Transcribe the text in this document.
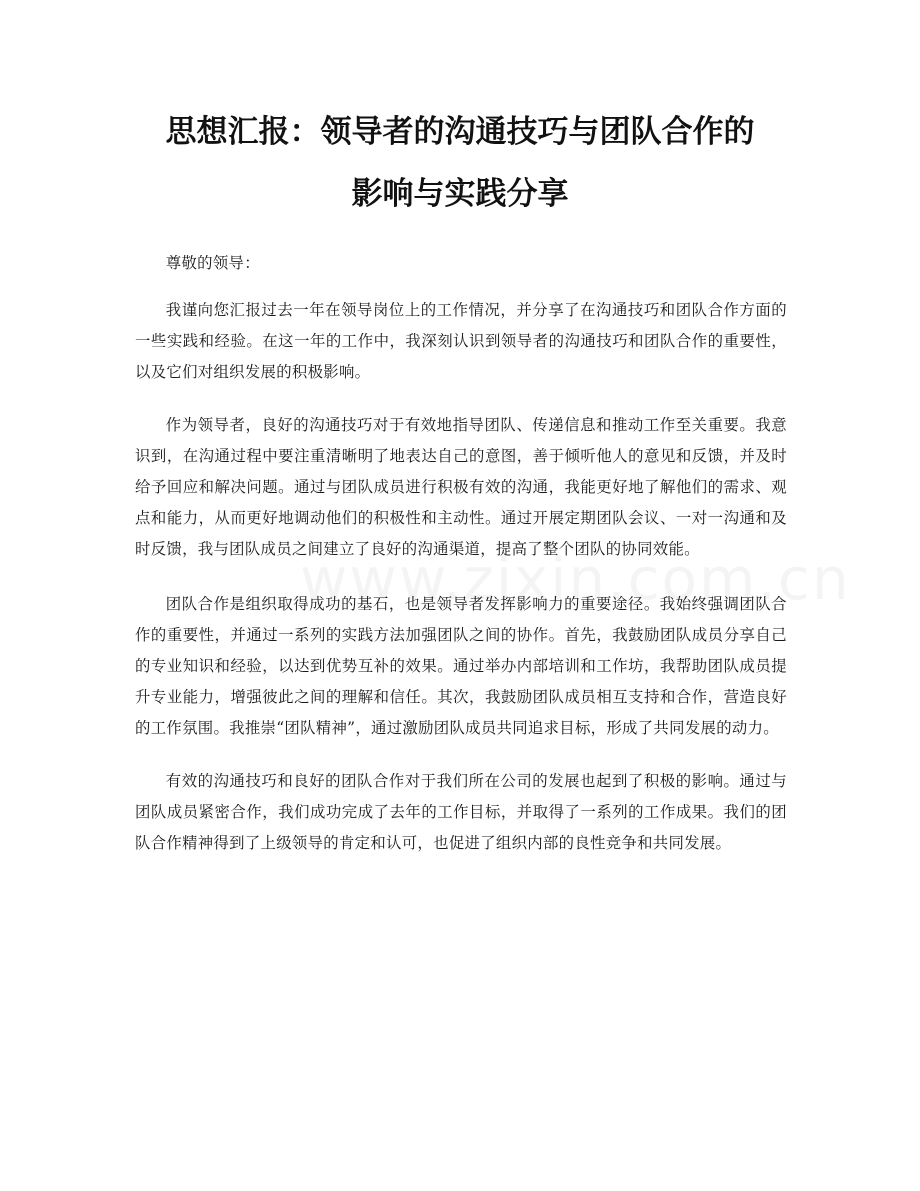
思想汇报：领导者的沟通技巧与团队合作的
影响与实践分享

尊敬的领导：

我谨向您汇报过去一年在领导岗位上的工作情况，并分享了在沟通技巧和团队合作方面的一些实践和经验。在这一年的工作中，我深刻认识到领导者的沟通技巧和团队合作的重要性，以及它们对组织发展的积极影响。

作为领导者，良好的沟通技巧对于有效地指导团队、传递信息和推动工作至关重要。我意识到，在沟通过程中要注重清晰明了地表达自己的意图，善于倾听他人的意见和反馈，并及时给予回应和解决问题。通过与团队成员进行积极有效的沟通，我能更好地了解他们的需求、观点和能力，从而更好地调动他们的积极性和主动性。通过开展定期团队会议、一对一沟通和及时反馈，我与团队成员之间建立了良好的沟通渠道，提高了整个团队的协同效能。

团队合作是组织取得成功的基石，也是领导者发挥影响力的重要途径。我始终强调团队合作的重要性，并通过一系列的实践方法加强团队之间的协作。首先，我鼓励团队成员分享自己的专业知识和经验，以达到优势互补的效果。通过举办内部培训和工作坊，我帮助团队成员提升专业能力，增强彼此之间的理解和信任。其次，我鼓励团队成员相互支持和合作，营造良好的工作氛围。我推崇“团队精神”，通过激励团队成员共同追求目标，形成了共同发展的动力。

有效的沟通技巧和良好的团队合作对于我们所在公司的发展也起到了积极的影响。通过与团队成员紧密合作，我们成功完成了去年的工作目标，并取得了一系列的工作成果。我们的团队合作精神得到了上级领导的肯定和认可，也促进了组织内部的良性竞争和共同发展。
